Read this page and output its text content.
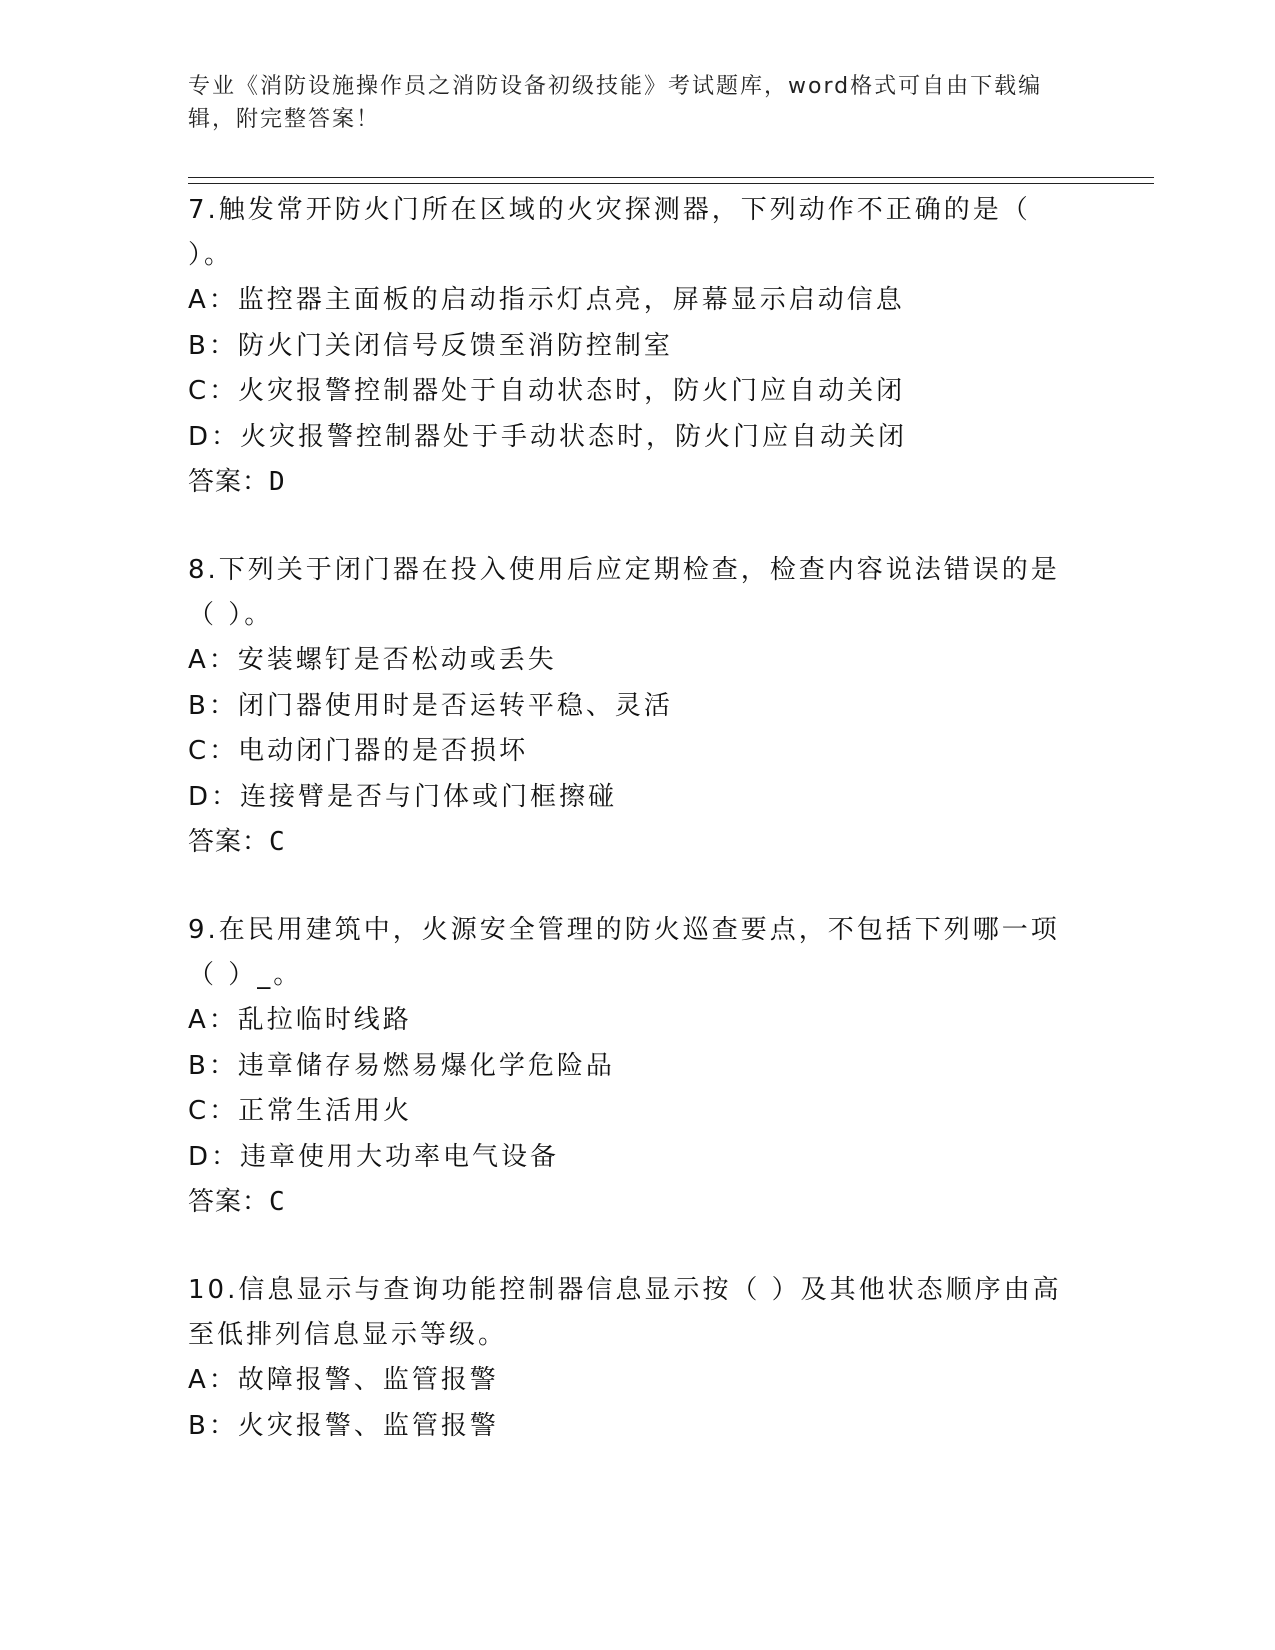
专业《消防设施操作员之消防设备初级技能》考试题库，word格式可自由下载编
辑，附完整答案！

7.触发常开防火门所在区域的火灾探测器，下列动作不正确的是（

）。

A：监控器主面板的启动指示灯点亮，屏幕显示启动信息

B：防火门关闭信号反馈至消防控制室

C：火灾报警控制器处于自动状态时，防火门应自动关闭

D：火灾报警控制器处于手动状态时，防火门应自动关闭

答案：D

8.下列关于闭门器在投入使用后应定期检查，检查内容说法错误的是

（ ）。

A：安装螺钉是否松动或丢失

B：闭门器使用时是否运转平稳、灵活

C：电动闭门器的是否损坏

D：连接臂是否与门体或门框擦碰

答案：C

9.在民用建筑中，火源安全管理的防火巡查要点，不包括下列哪一项

（ ）_。

A：乱拉临时线路

B：违章储存易燃易爆化学危险品

C：正常生活用火

D：违章使用大功率电气设备

答案：C

10.信息显示与查询功能控制器信息显示按（ ）及其他状态顺序由高

至低排列信息显示等级。

A：故障报警、监管报警

B：火灾报警、监管报警
